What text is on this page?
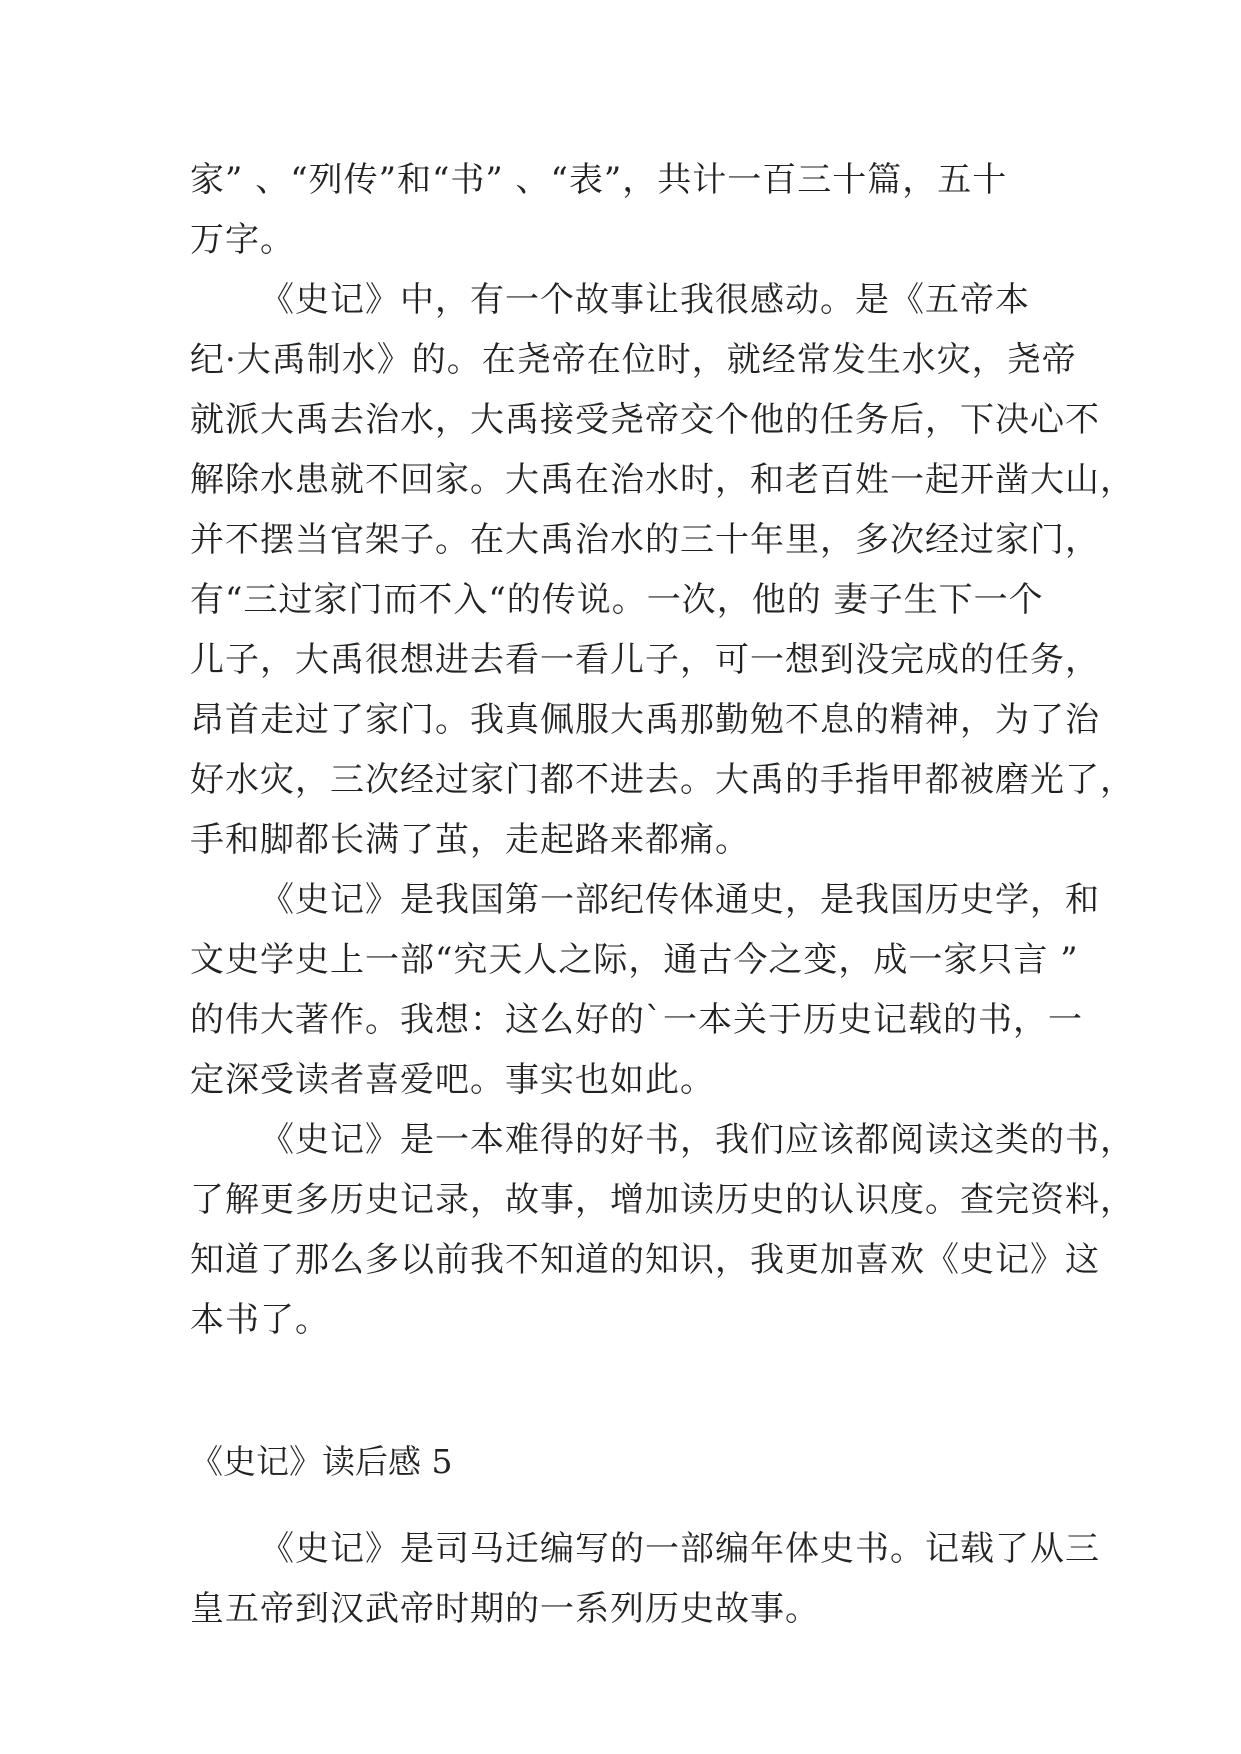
家” 、“列传”和“书” 、“表”，共计一百三十篇，五十

万字。

《史记》中，有一个故事让我很感动。是《五帝本

纪·大禹制水》的。在尧帝在位时，就经常发生水灾，尧帝

就派大禹去治水，大禹接受尧帝交个他的任务后，下决心不

解除水患就不回家。大禹在治水时，和老百姓一起开凿大山，

并不摆当官架子。在大禹治水的三十年里，多次经过家门，

有“三过家门而不入“的传说。一次，他的 妻子生下一个

儿子，大禹很想进去看一看儿子，可一想到没完成的任务，

昂首走过了家门。我真佩服大禹那勤勉不息的精神，为了治

好水灾，三次经过家门都不进去。大禹的手指甲都被磨光了，

手和脚都长满了茧，走起路来都痛。

《史记》是我国第一部纪传体通史，是我国历史学，和

文史学史上一部“究天人之际，通古今之变，成一家只言 ”

的伟大著作。我想：这么好的`一本关于历史记载的书，一

定深受读者喜爱吧。事实也如此。

《史记》是一本难得的好书，我们应该都阅读这类的书，

了解更多历史记录，故事，增加读历史的认识度。查完资料，

知道了那么多以前我不知道的知识，我更加喜欢《史记》这

本书了。

《史记》读后感 5

《史记》是司马迁编写的一部编年体史书。记载了从三

皇五帝到汉武帝时期的一系列历史故事。
